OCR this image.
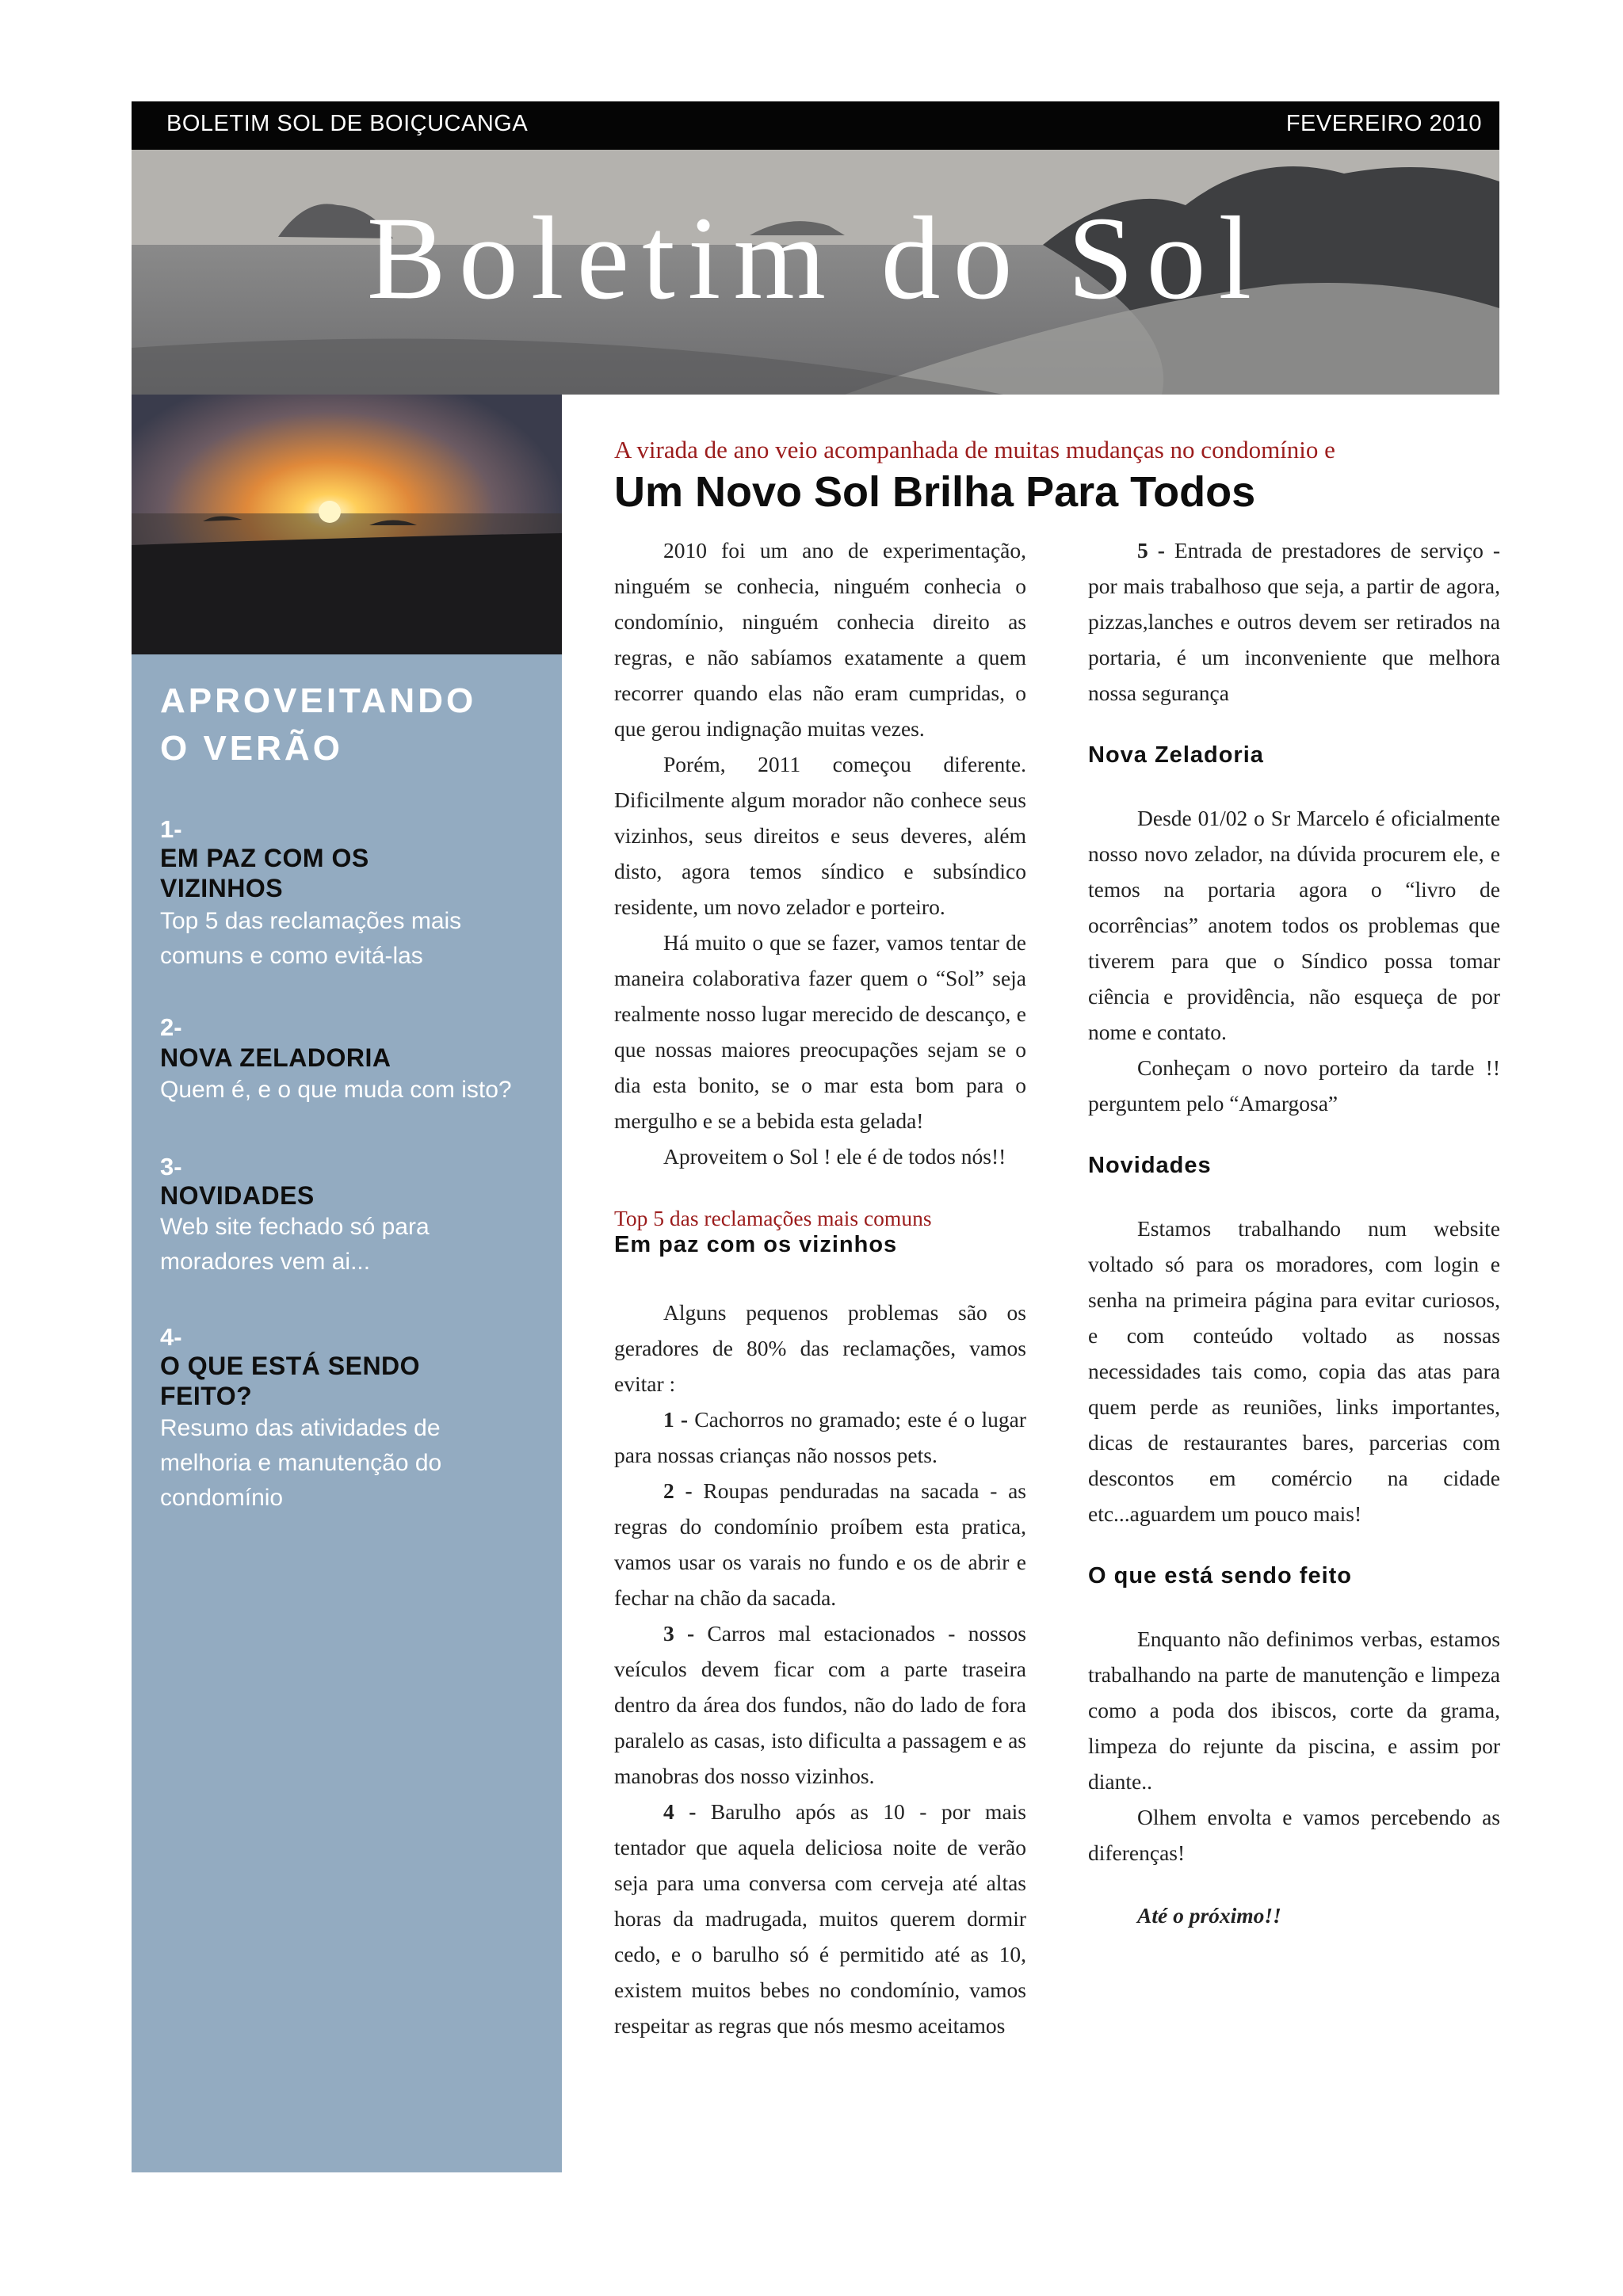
BOLETIM SOL DE BOIÇUCANGA	FEVEREIRO 2010
Boletim do Sol
APROVEITANDO
O VERÃO
1-
EM PAZ COM OS
VIZINHOS
Top 5 das reclamações mais
comuns e como evitá-las
2-
NOVA ZELADORIA
Quem é, e o que muda com isto?
3-
NOVIDADES
Web site fechado só para
moradores vem ai...
4-
O QUE ESTÁ SENDO
FEITO?
Resumo das atividades de
melhoria e manutenção do
condomínio
A virada de ano veio acompanhada de muitas mudanças no condomínio e
Um Novo Sol Brilha Para Todos

2010 foi um ano de experimentação, ninguém se conhecia, ninguém conhecia o condomínio, ninguém conhecia direito as regras, e não sabíamos exatamente a quem recorrer quando elas não eram cumpridas, o que gerou indignação muitas vezes.

Porém, 2011 começou diferente. Dificilmente algum morador não conhece seus vizinhos, seus direitos e seus deveres, além disto, agora temos síndico e subsíndico residente, um novo zelador e porteiro.

Há muito o que se fazer, vamos tentar de maneira colaborativa fazer quem o “Sol” seja realmente nosso lugar merecido de descanço, e que nossas maiores preocupações sejam se o dia esta bonito, se o mar esta bom para o mergulho e se a bebida esta gelada!

Aproveitem o Sol ! ele é de todos nós!!

Top 5 das reclamações mais comuns

Em paz com os vizinhos

Alguns pequenos problemas são os geradores de 80% das reclamações, vamos evitar :

1 - Cachorros no gramado; este é o lugar para nossas crianças não nossos pets.

2 - Roupas penduradas na sacada - as regras do condomínio proíbem esta pratica, vamos usar os varais no fundo e os de abrir e fechar na chão da sacada.

3 - Carros mal estacionados - nossos veículos devem ficar com a parte traseira dentro da área dos fundos, não do lado de fora paralelo as casas, isto dificulta a passagem e as manobras dos nosso vizinhos.

4 - Barulho após as 10 - por mais tentador que aquela deliciosa noite de verão seja para uma conversa com cerveja até altas horas da madrugada, muitos querem dormir cedo, e o barulho só é permitido até as 10, existem muitos bebes no condomínio, vamos respeitar as regras que nós mesmo aceitamos

5 - Entrada de prestadores de serviço - por mais trabalhoso que seja, a partir de agora, pizzas,lanches e outros devem ser retirados na portaria, é um inconveniente que melhora nossa segurança

Nova Zeladoria

Desde 01/02 o Sr Marcelo é oficialmente nosso novo zelador, na dúvida procurem ele, e temos na portaria agora o “livro de ocorrências” anotem todos os problemas que tiverem para que o Síndico possa tomar ciência e providência, não esqueça de por nome e contato.

Conheçam o novo porteiro da tarde !! perguntem pelo “Amargosa”

Novidades

Estamos trabalhando num website voltado só para os moradores, com login e senha na primeira página para evitar curiosos, e com conteúdo voltado as nossas necessidades tais como, copia das atas para quem perde as reuniões, links importantes, dicas de restaurantes bares, parcerias com descontos em comércio na cidade etc...aguardem um pouco mais!

O que está sendo feito

Enquanto não definimos verbas, estamos trabalhando na parte de manutenção e limpeza como a poda dos ibiscos, corte da grama, limpeza do rejunte da piscina, e assim por diante..

Olhem envolta e vamos percebendo as diferenças!

Até o próximo!!
